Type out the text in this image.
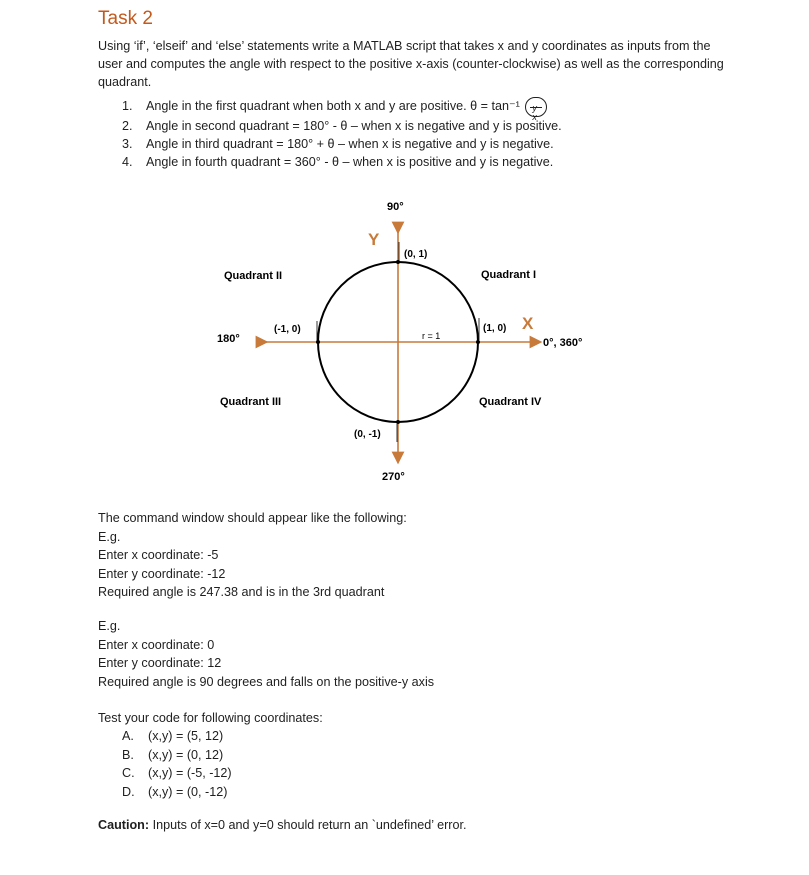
Task 2

Using ‘if’, ‘elseif’ and ‘else’ statements write a MATLAB script that takes x and y coordinates as inputs from the user and computes the angle with respect to the positive x-axis (counter-clockwise) as well as the corresponding quadrant.

1. Angle in the first quadrant when both x and y are positive. θ = tan⁻¹ y
x
2. Angle in second quadrant = 180° - θ – when x is negative and y is positive.
3. Angle in third quadrant = 180° + θ – when x is negative and y is negative.
4. Angle in fourth quadrant = 360° - θ – when x is positive and y is negative.
(0, 1)
(0, -1)
(-1, 0)	(1, 0)
r = 1
Y
X
90°
270°
180°	0°, 360°
Quadrant II	Quadrant I
Quadrant III	Quadrant IV

The command window should appear like the following:

E.g.

Enter x coordinate: -5

Enter y coordinate: -12

Required angle is 247.38 and is in the 3rd quadrant

E.g.

Enter x coordinate: 0

Enter y coordinate: 12

Required angle is 90 degrees and falls on the positive-y axis

Test your code for following coordinates:

A. (x,y) = (5, 12)
B. (x,y) = (0, 12)
C. (x,y) = (-5, -12)
D. (x,y) = (0, -12)

Caution: Inputs of x=0 and y=0 should return an `undefined’ error.
